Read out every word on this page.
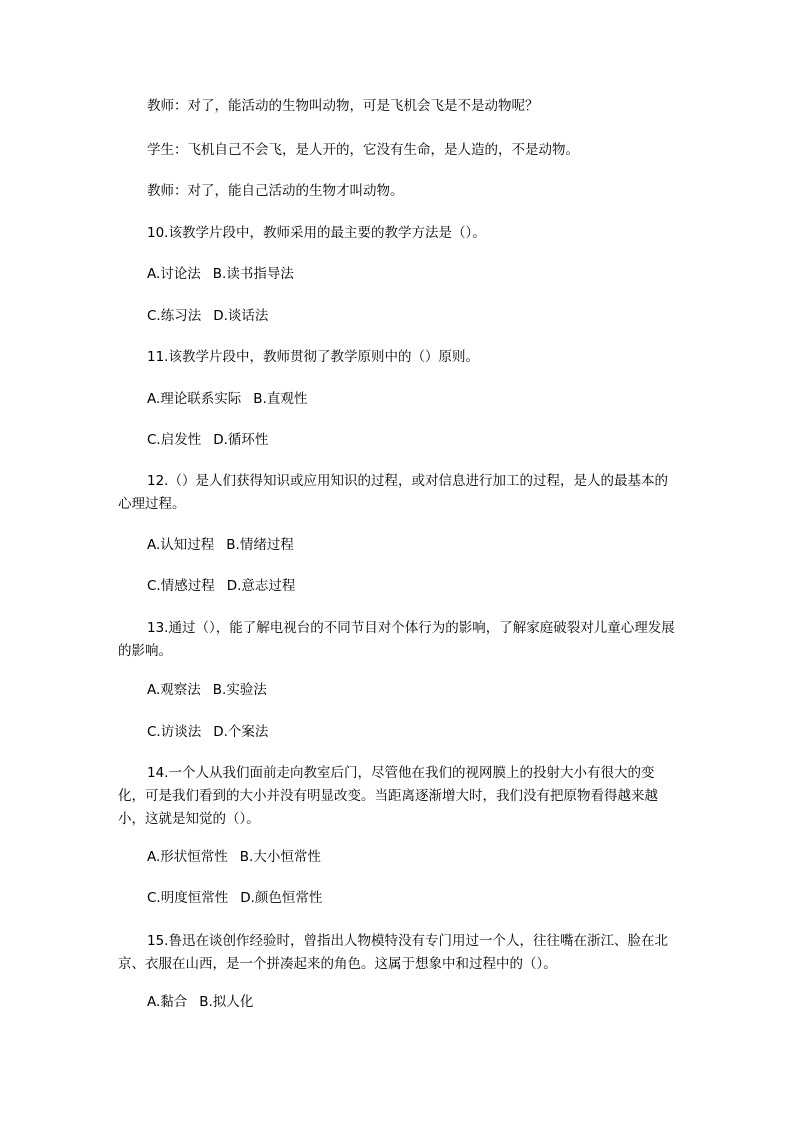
教师：对了，能活动的生物叫动物，可是飞机会飞是不是动物呢？
学生：飞机自己不会飞，是人开的，它没有生命，是人造的，不是动物。
教师：对了，能自己活动的生物才叫动物。
10.该教学片段中，教师采用的最主要的教学方法是（）。
A.讨论法 B.读书指导法
C.练习法 D.谈话法
11.该教学片段中，教师贯彻了教学原则中的（）原则。
A.理论联系实际 B.直观性
C.启发性 D.循环性
12.（）是人们获得知识或应用知识的过程，或对信息进行加工的过程，是人的最基本的心理过程。
A.认知过程 B.情绪过程
C.情感过程 D.意志过程
13.通过（），能了解电视台的不同节目对个体行为的影响，了解家庭破裂对儿童心理发展的影响。
A.观察法 B.实验法
C.访谈法 D.个案法
14.一个人从我们面前走向教室后门，尽管他在我们的视网膜上的投射大小有很大的变化，可是我们看到的大小并没有明显改变。当距离逐渐增大时，我们没有把原物看得越来越小，这就是知觉的（）。
A.形状恒常性 B.大小恒常性
C.明度恒常性 D.颜色恒常性
15.鲁迅在谈创作经验时，曾指出人物模特没有专门用过一个人，往往嘴在浙江、脸在北京、衣服在山西，是一个拼凑起来的角色。这属于想象中和过程中的（）。
A.黏合 B.拟人化
